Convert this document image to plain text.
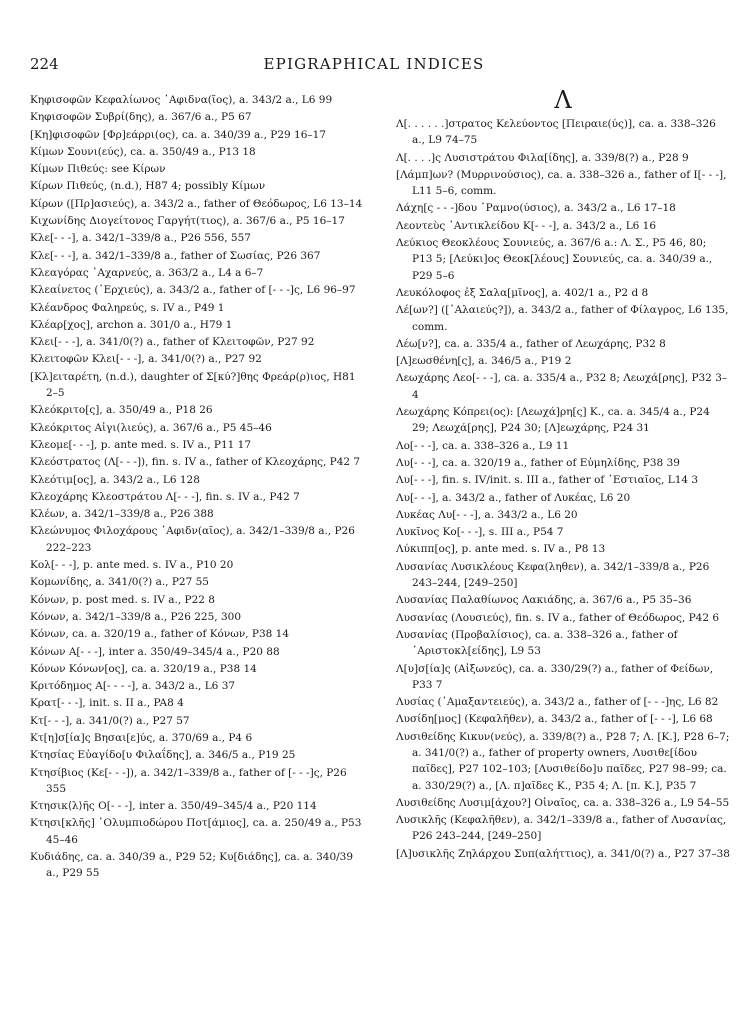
224	EPIGRAPHICAL INDICES
Κηφισοφῶν Κεφαλίωνος ᾿Αφιδνα(ῖος), a. 343/2 a., L6 99
Κηφισοφῶν Συβρί(δης), a. 367/6 a., P5 67
[Κη]φισοφῶν [Φρ]εάρρι(ος), ca. a. 340/39 a., P29 16–17
Κίμων Σουνι(εύς), ca. a. 350/49 a., P13 18
Κίμων Πιθεύς: see Κίρων
Κίρων Πιθεύς, (n.d.), H87 4; possibly Κίμων
Κίρων ([Πρ]ασιεύς), a. 343/2 a., father of Θεόδωρος, L6 13–14
Κιχωνίδης Διογείτονος Γαργήτ(τιος), a. 367/6 a., P5 16–17
Κλε[- - -], a. 342/1–339/8 a., P26 556, 557
Κλε[- - -], a. 342/1–339/8 a., father of Σωσίας, P26 367
Κλεαγόρας ᾿Αχαρνεύς, a. 363/2 a., L4 a 6–7
Κλεαίνετος (᾿Ερχιεύς), a. 343/2 a., father of [- - -]ς, L6 96–97
Κλέανδρος Φαληρεύς, s. IV a., P49 1
Κλέαρ[χος], archon a. 301/0 a., H79 1
Κλει[- - -], a. 341/0(?) a., father of Κλειτοφῶν, P27 92
Κλειτοφῶν Κλει[- - -], a. 341/0(?) a., P27 92
[Κλ]ειταρέτη, (n.d.), daughter of Σ[κύ?]θης Φρεάρ(ρ)ιος, H81 2–5
Κλεόκριτο[ς], a. 350/49 a., P18 26
Κλεόκριτος Αἰγι(λιεύς), a. 367/6 a., P5 45–46
Κλεομε[- - -], p. ante med. s. IV a., P11 17
Κλεόστρατος (Λ[- - -]), fin. s. IV a., father of Κλεοχάρης, P42 7
Κλεότιμ[ος], a. 343/2 a., L6 128
Κλεοχάρης Κλεοστράτου Λ[- - -], fin. s. IV a., P42 7
Κλέων, a. 342/1–339/8 a., P26 388
Κλεώνυμος Φιλοχάρους ᾿Αφιδν(αῖος), a. 342/1–339/8 a., P26 222–223
Κολ[- - -], p. ante med. s. IV a., P10 20
Κομωνίδης, a. 341/0(?) a., P27 55
Κόνων, p. post med. s. IV a., P22 8
Κόνων, a. 342/1–339/8 a., P26 225, 300
Κόνων, ca. a. 320/19 a., father of Κόνων, P38 14
Κόνων Α[- - -], inter a. 350/49–345/4 a., P20 88
Κόνων Κόνων[ος], ca. a. 320/19 a., P38 14
Κριτόδημος Α[- - - -], a. 343/2 a., L6 37
Κρατ[- - -], init. s. II a., PA8 4
Κτ[- - -], a. 341/0(?) a., P27 57
Κτ[η]σ[ία]ς Βησαι[ε]ύς, a. 370/69 a., P4 6
Κτησίας Εὐαγίδο[υ Φιλαΐδης], a. 346/5 a., P19 25
Κτησίβιος (Κε[- - -]), a. 342/1–339/8 a., father of [- - -]ς, P26 355
Κτησικ⟨λ⟩ῆς Ο[- - -], inter a. 350/49–345/4 a., P20 114
Κτησι[κλῆς] ᾿Ολυμπιοδώρου Ποτ[άμιος], ca. a. 250/49 a., P53 45–46
Κυδιάδης, ca. a. 340/39 a., P29 52; Κυ[διάδης], ca. a. 340/39 a., P29 55
Λ
Λ[. . . . . .]στρατος Κελεύοντος [Πειραιε(ύς)], ca. a. 338–326 a., L9 74–75
Λ[. . . .]ς Λυσιστράτου Φιλα[ίδης], a. 339/8(?) a., P28 9
[Λάμπ]ων? (Μυρρινούσιος), ca. a. 338–326 a., father of Ι[- - -], L11 5–6, comm.
Λάχη[ς - - -]δου ῾Ραμνο(ύσιος), a. 343/2 a., L6 17–18
Λεοντεὺς ᾿Αντικλείδου Κ[- - -], a. 343/2 a., L6 16
Λεύκιος Θεοκλέους Σουνιεύς, a. 367/6 a.: Λ. Σ., P5 46, 80; P13 5; [Λεύκι]ος Θεοκ[λέους] Σουνιεύς, ca. a. 340/39 a., P29 5–6
Λευκόλοφος ἐξ Σαλα[μῖνος], a. 402/1 a., P2 d 8
Λέ[ων?] ([᾿Αλαιεύς?]), a. 343/2 a., father of Φίλαγρος, L6 135, comm.
Λέω[ν?], ca. a. 335/4 a., father of Λεωχάρης, P32 8
[Λ]εωσθένη[ς], a. 346/5 a., P19 2
Λεωχάρης Λεο[- - -], ca. a. 335/4 a., P32 8; Λεωχά[ρης], P32 3–4
Λεωχάρης Κόπρει(ος): [Λεωχά]ρη[ς] Κ., ca. a. 345/4 a., P24 29; Λεωχά[ρης], P24 30; [Λ]εωχάρης, P24 31
Λο[- - -], ca. a. 338–326 a., L9 11
Λυ[- - -], ca. a. 320/19 a., father of Εὐμηλίδης, P38 39
Λυ[- - -], fin. s. IV/init. s. III a., father of ῾Εστιαῖος, L14 3
Λυ[- - -], a. 343/2 a., father of Λυκέας, L6 20
Λυκέας Λυ[- - -], a. 343/2 a., L6 20
Λυκῖνος Κο[- - -], s. III a., P54 7
Λύκιππ[ος], p. ante med. s. IV a., P8 13
Λυσανίας Λυσικλέους Κεφα(ληθεν), a. 342/1–339/8 a., P26 243–244, [249–250]
Λυσανίας Παλαθίωνος Λακιάδης, a. 367/6 a., P5 35–36
Λυσανίας (Λουσιεύς), fin. s. IV a., father of Θεόδωρος, P42 6
Λυσανίας (Προβαλίσιος), ca. a. 338–326 a., father of ᾿Αριστοκλ[είδης], L9 53
Λ[υ]σ[ία]ς (Αἰξωνεύς), ca. a. 330/29(?) a., father of Φείδων, P33 7
Λυσίας (᾿Αμαξαντειεύς), a. 343/2 a., father of [- - -]ης, L6 82
Λυσίδη[μος] (Κεφαλῆθεν), a. 343/2 a., father of [- - -], L6 68
Λυσιθείδης Κικυν(νεύς), a. 339/8(?) a., P28 7; Λ. [Κ.], P28 6–7; a. 341/0(?) a., father of property owners, Λυσιθε[ίδου παῖδες], P27 102–103; [Λυσιθείδο]υ παῖδες, P27 98–99; ca. a. 330/29(?) a., [Λ. π]αῖδες Κ., P35 4; Λ. [π. Κ.], P35 7
Λυσιθείδης Λυσιμ[άχου?] Οἰναῖος, ca. a. 338–326 a., L9 54–55
Λυσικλῆς (Κεφαλῆθεν), a. 342/1–339/8 a., father of Λυσανίας, P26 243–244, [249–250]
[Λ]υσικλῆς Ζηλάρχου Συπ(αλήττιος), a. 341/0(?) a., P27 37–38
